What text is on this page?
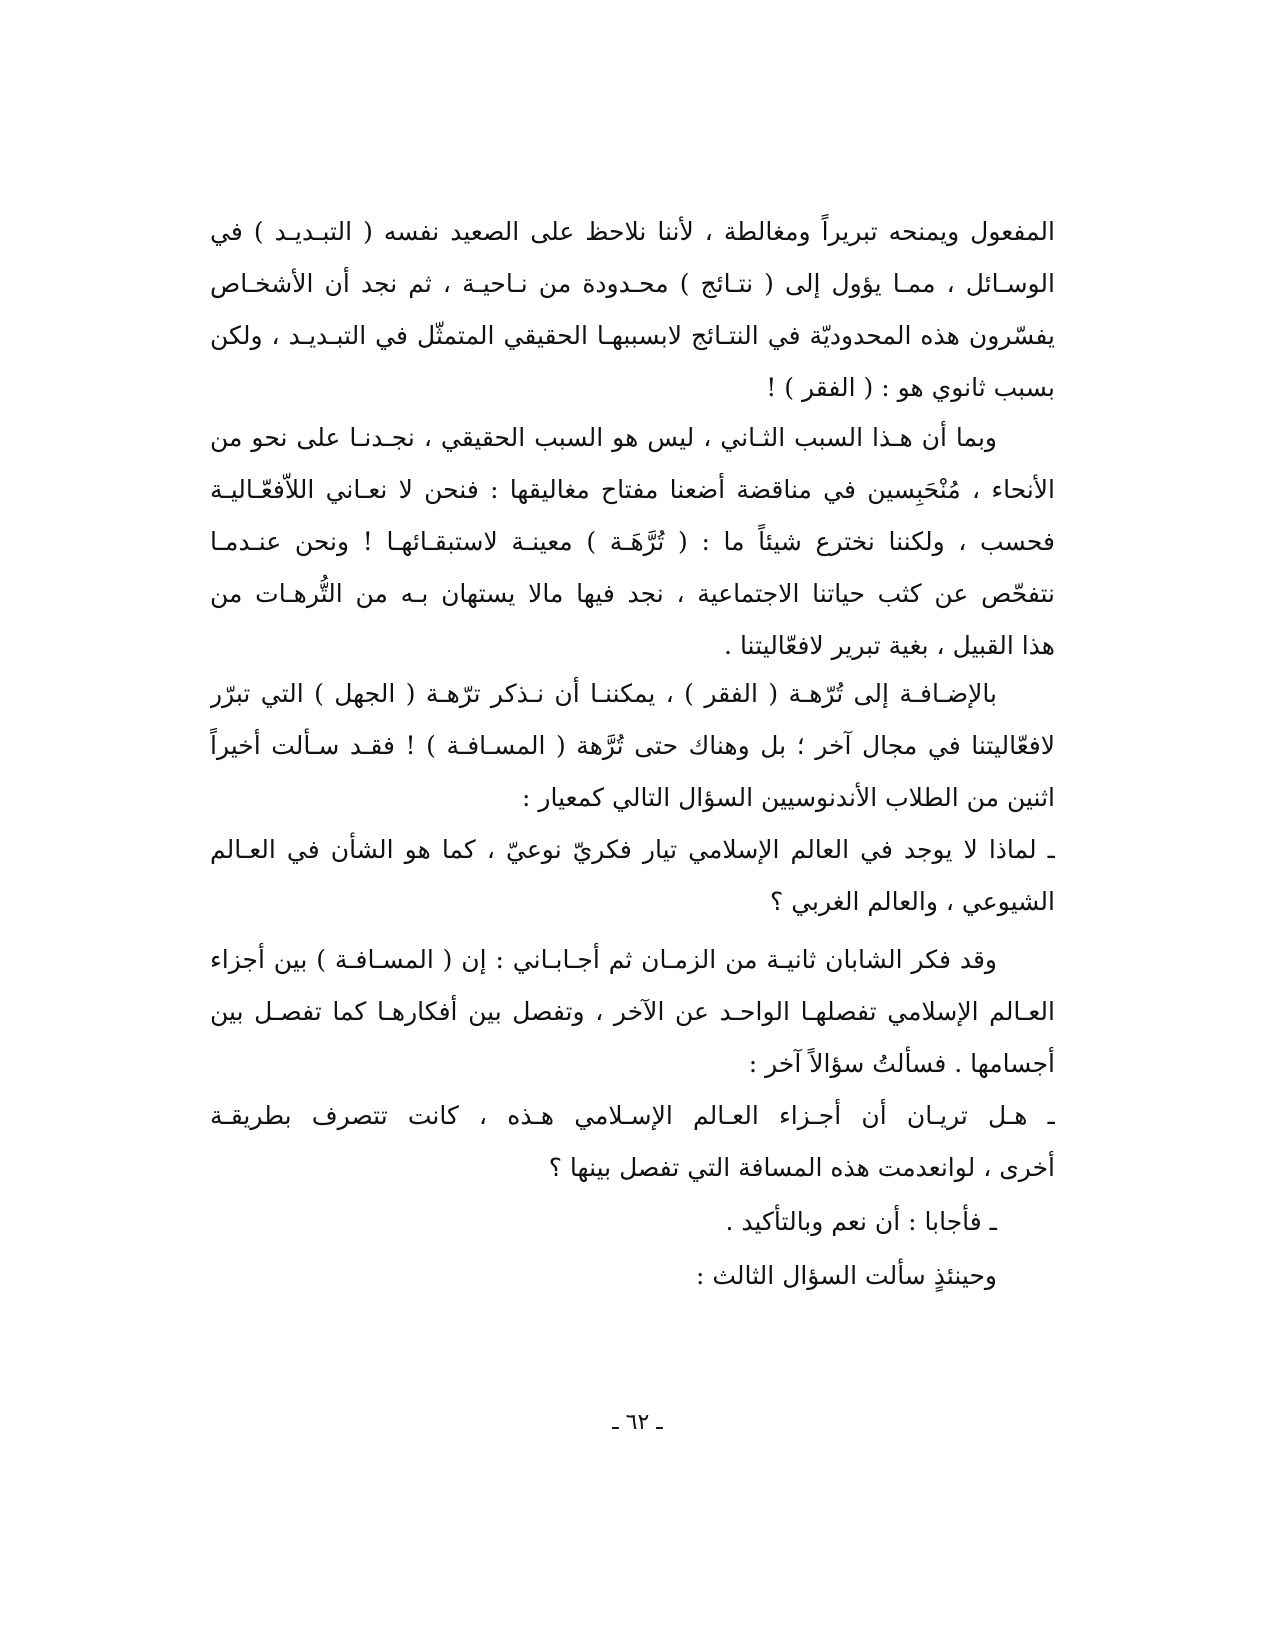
المفعول ويمنحه تبريراً ومغالطة ، لأننا نلاحظ على الصعيد نفسه ( التبـديـد ) في
الوسـائل ، ممـا يؤول إلى ( نتـائج ) محـدودة من نـاحيـة ، ثم نجد أن الأشخـاص
يفسّرون هذه المحدوديّة في النتـائج لابسببهـا الحقيقي المتمثّل في التبـديـد ، ولكن
بسبب ثانوي هو : ( الفقر ) !
وبما أن هـذا السبب الثـاني ، ليس هو السبب الحقيقي ، نجـدنـا على نحو من
الأنحاء ، مُنْحَبِسين في مناقضة أضعنا مفتاح مغاليقها : فنحن لا نعـاني اللاّفعّـاليـة
فحسب ، ولكننا نخترع شيئاً ما : ( تُرَّهَـة ) معينـة لاستبقـائهـا ! ونحن عنـدمـا
نتفحّص عن كثب حياتنا الاجتماعية ، نجد فيها مالا يستهان بـه من التُّرهـات من
هذا القبيل ، بغية تبرير لافعّاليتنا .
بالإضـافـة إلى تُرّهـة ( الفقر ) ، يمكننـا أن نـذكر ترّهـة ( الجهل ) التي تبرّر
لافعّاليتنا في مجال آخر ؛ بل وهناك حتى تُرَّهة ( المسـافـة ) ! فقـد سـألت أخيراً
اثنين من الطلاب الأندنوسيين السؤال التالي كمعيار :
ـ لماذا لا يوجد في العالم الإسلامي تيار فكريّ نوعيّ ، كما هو الشأن في العـالم
الشيوعي ، والعالم الغربي ؟
وقد فكر الشابان ثانيـة من الزمـان ثم أجـابـاني : إن ( المسـافـة ) بين أجزاء
العـالم الإسلامي تفصلهـا الواحـد عن الآخر ، وتفصل بين أفكارهـا كما تفصـل بين
أجسامها . فسألتُ سؤالاً آخر :
ـ هـل تريـان أن أجـزاء العـالم الإسـلامي هـذه ، كانت تتصرف بطريقـة
أخرى ، لوانعدمت هذه المسافة التي تفصل بينها ؟
ـ فأجابا : أن نعم وبالتأكيد .
وحينئذٍ سألت السؤال الثالث :
ـ ٦٢ ـ
